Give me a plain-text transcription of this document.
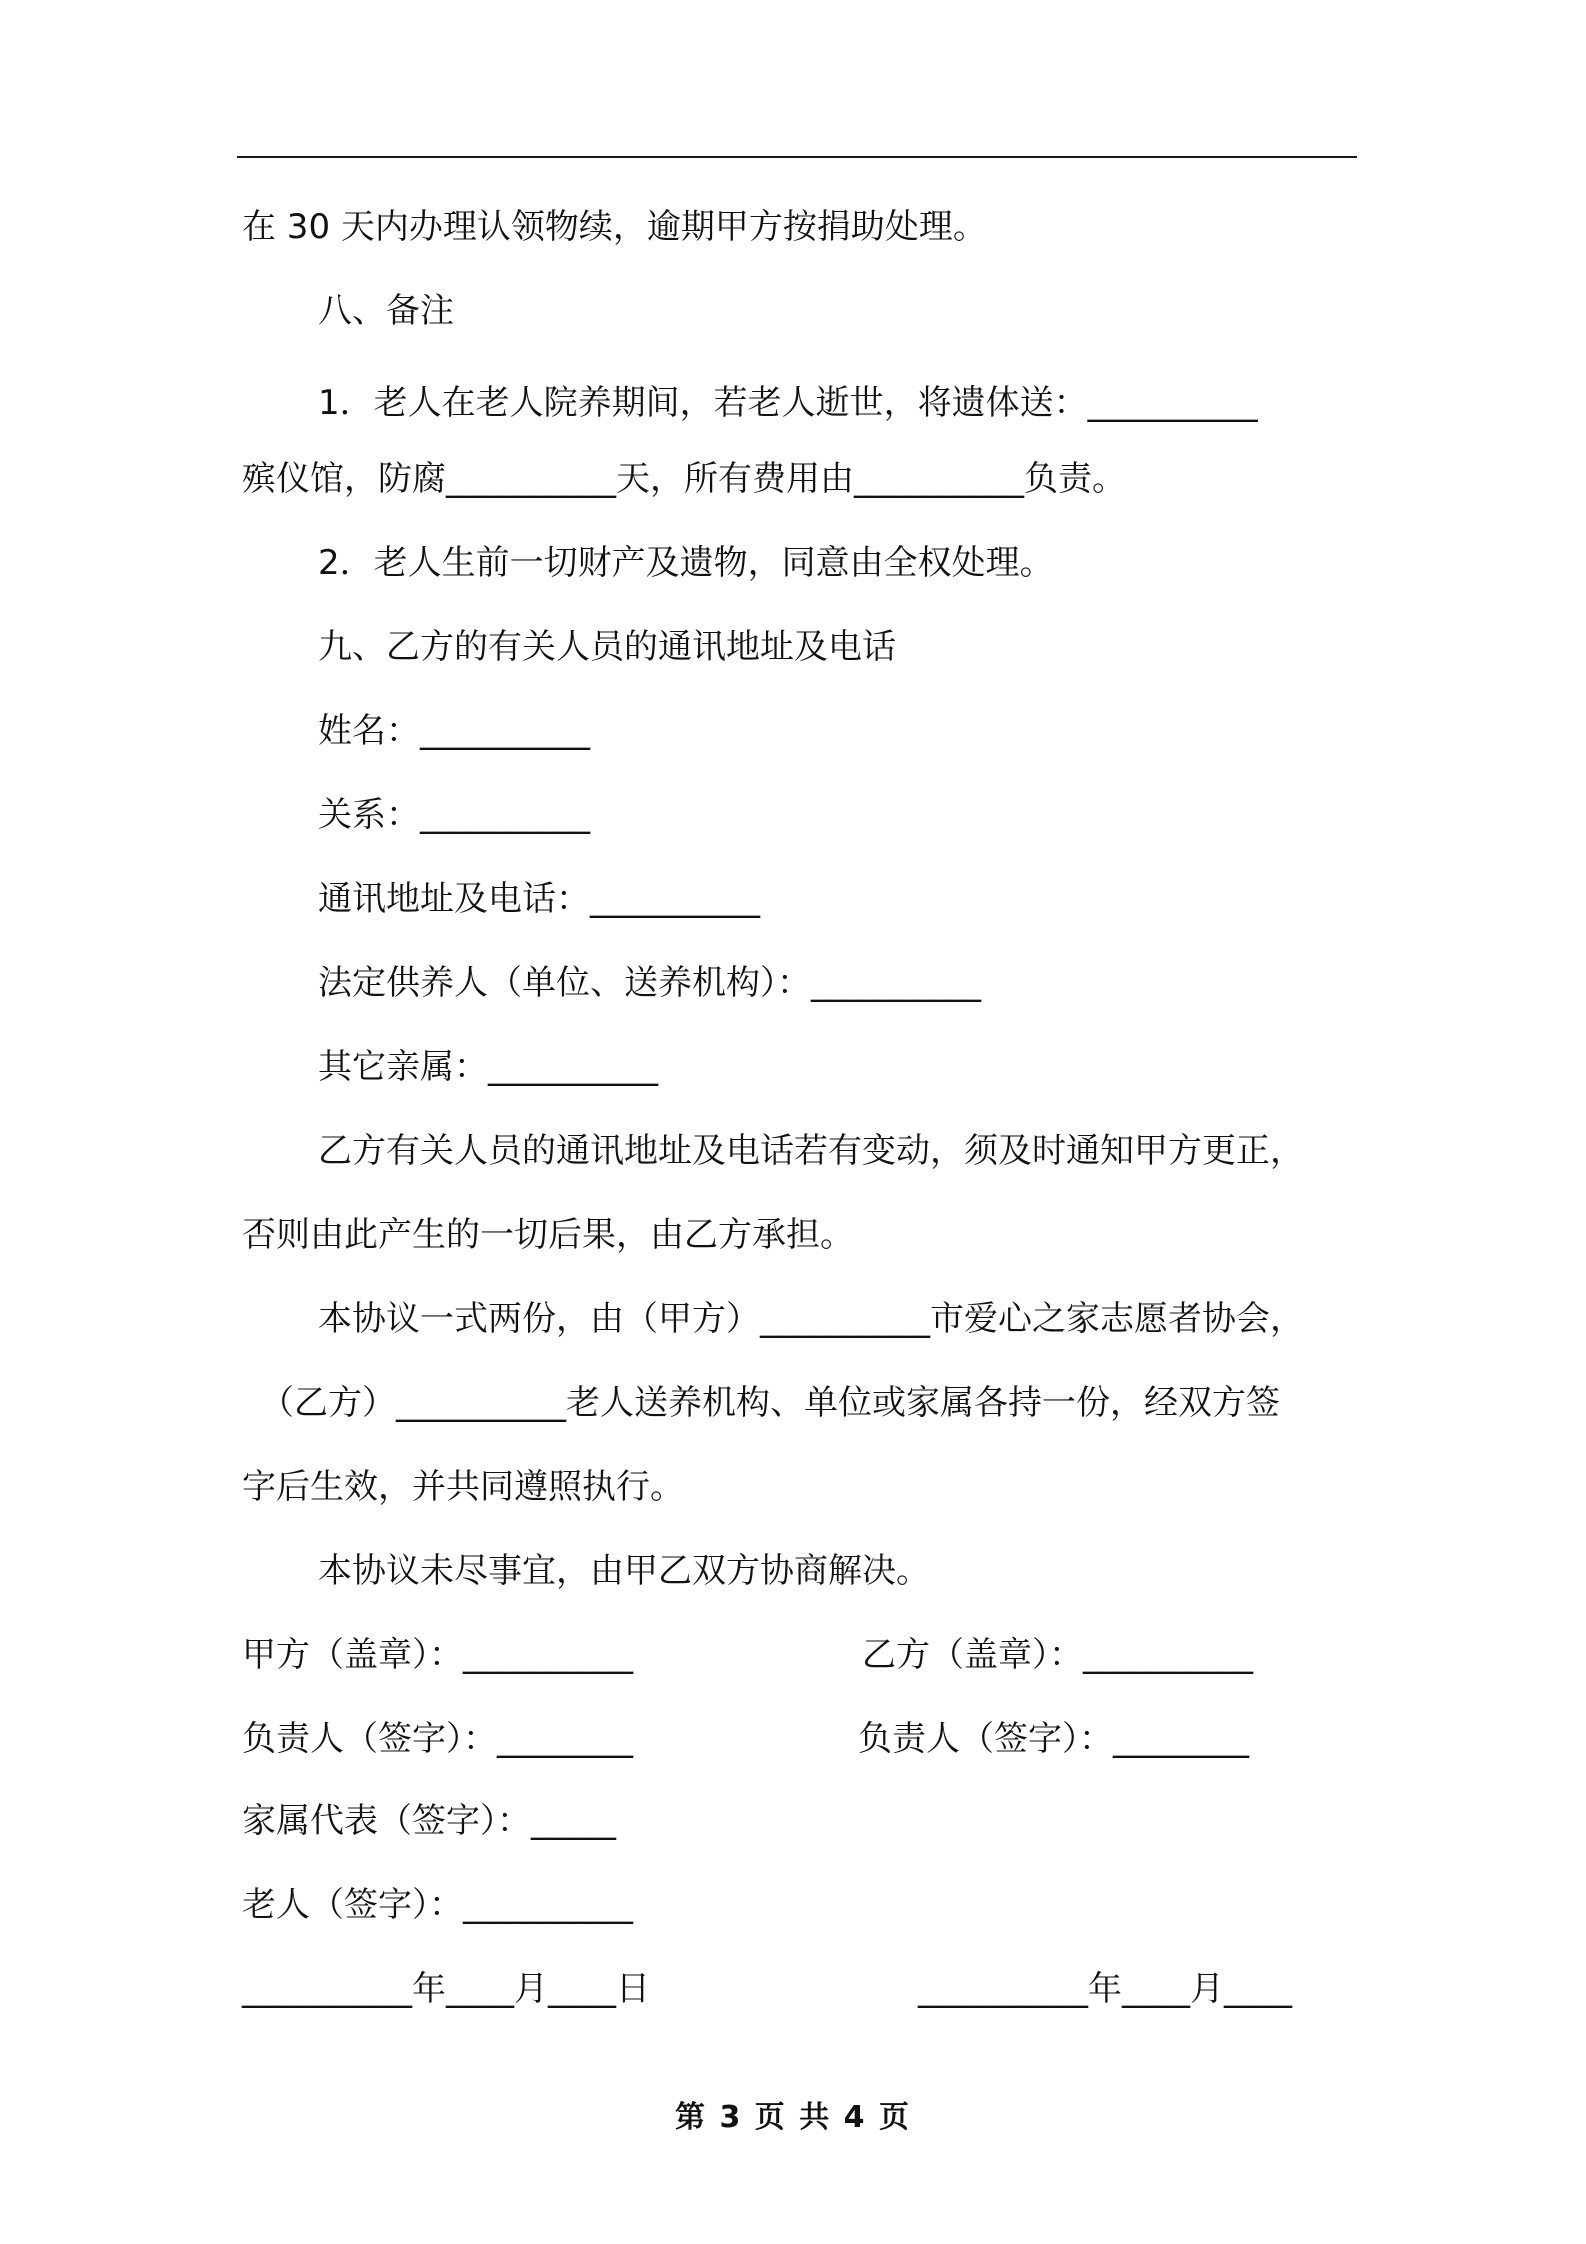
在 30 天内办理认领物续，逾期甲方按捐助处理。
八、备注
1．老人在老人院养期间，若老人逝世，将遗体送：__________
殡仪馆，防腐__________天，所有费用由__________负责。
2．老人生前一切财产及遗物，同意由全权处理。
九、乙方的有关人员的通讯地址及电话
姓名：__________
关系：__________
通讯地址及电话：__________
法定供养人（单位、送养机构）：__________
其它亲属：__________
乙方有关人员的通讯地址及电话若有变动，须及时通知甲方更正，
否则由此产生的一切后果，由乙方承担。
本协议一式两份，由（甲方）__________市爱心之家志愿者协会，
（乙方）__________老人送养机构、单位或家属各持一份，经双方签
字后生效，并共同遵照执行。
本协议未尽事宜，由甲乙双方协商解决。
甲方（盖章）：__________	乙方（盖章）：__________
负责人（签字）：________	负责人（签字）：________
家属代表（签字）：_____
老人（签字）：__________
__________年____月____日	__________年____月____
第 3 页 共 4 页
